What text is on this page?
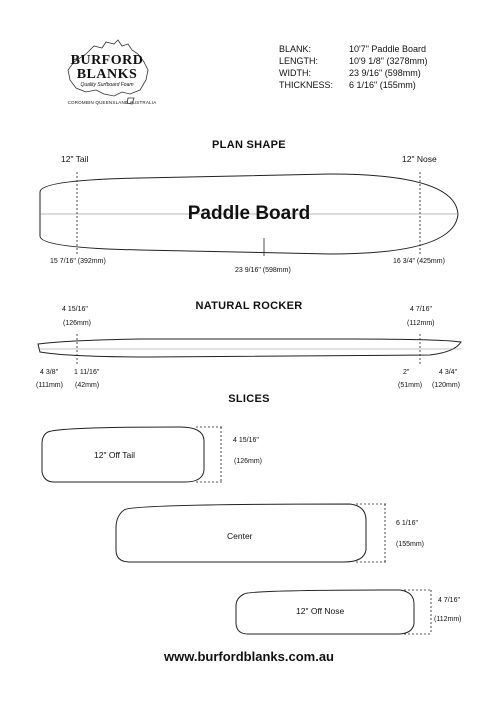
BURFORD
BLANKS
Quality Surfboard Foam
COROMBIN QUEENSLAND AUSTRALIA
BLANK:	10'7" Paddle Board
LENGTH:	10'9 1/8" (3278mm)
WIDTH:	23 9/16" (598mm)
THICKNESS:	6 1/16" (155mm)
PLAN SHAPE
12" Tail	12" Nose
Paddle Board
15 7/16" (392mm)
23 9/16" (598mm)
16 3/4" (425mm)
NATURAL ROCKER
4 15/16"
(126mm)
4 7/16"
(112mm)
4 3/8"
(111mm)
1 11/16"
(42mm)
2"
(51mm)
4 3/4"
(120mm)
SLICES
12" Off Tail
4 15/16"
(126mm)
Center
6 1/16"
(155mm)
12" Off Nose
4 7/16"
(112mm)
www.burfordblanks.com.au
